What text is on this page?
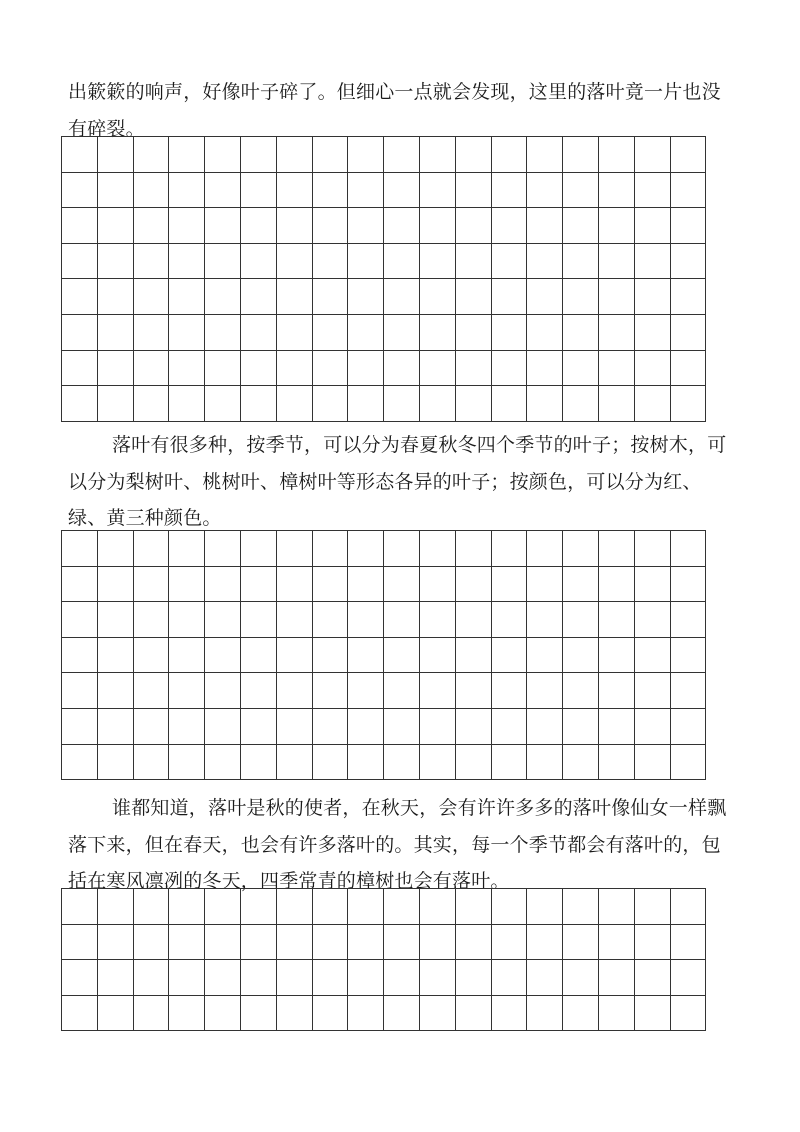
出簌簌的响声，好像叶子碎了。但细心一点就会发现，这里的落叶竟一片也没有碎裂。

落叶有很多种，按季节，可以分为春夏秋冬四个季节的叶子；按树木，可以分为梨树叶、桃树叶、樟树叶等形态各异的叶子；按颜色，可以分为红、绿、黄三种颜色。

谁都知道，落叶是秋的使者，在秋天，会有许许多多的落叶像仙女一样飘落下来，但在春天，也会有许多落叶的。其实，每一个季节都会有落叶的，包括在寒风凛冽的冬天，四季常青的樟树也会有落叶。
